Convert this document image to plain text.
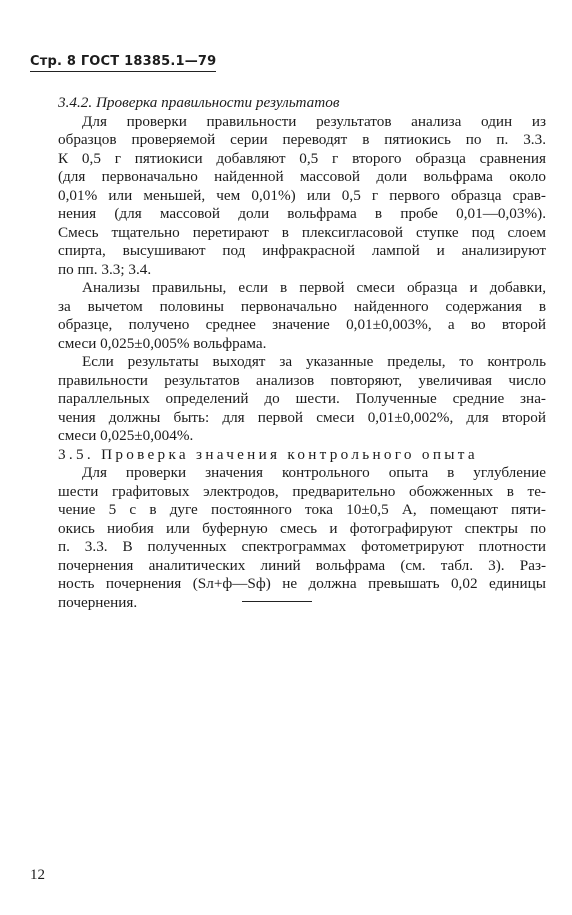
Стр. 8 ГОСТ 18385.1—79
3.4.2. Проверка правильности результатов
Для проверки правильности результатов анализа один из
образцов проверяемой серии переводят в пятиокись по п. 3.3.
К 0,5 г пятиокиси добавляют 0,5 г второго образца сравнения
(для первоначально найденной массовой доли вольфрама около
0,01% или меньшей, чем 0,01%) или 0,5 г первого образца срав-
нения (для массовой доли вольфрама в пробе 0,01—0,03%).
Смесь тщательно перетирают в плексигласовой ступке под слоем
спирта, высушивают под инфракрасной лампой и анализируют
по пп. 3.3; 3.4.
Анализы правильны, если в первой смеси образца и добавки,
за вычетом половины первоначально найденного содержания в
образце, получено среднее значение 0,01±0,003%, а во второй
смеси 0,025±0,005% вольфрама.
Если результаты выходят за указанные пределы, то контроль
правильности результатов анализов повторяют, увеличивая число
параллельных определений до шести. Полученные средние зна-
чения должны быть: для первой смеси 0,01±0,002%, для второй
смеси 0,025±0,004%.
3.5. Проверка значения контрольного опыта
Для проверки значения контрольного опыта в углубление
шести графитовых электродов, предварительно обожженных в те-
чение 5 с в дуге постоянного тока 10±0,5 А, помещают пяти-
окись ниобия или буферную смесь и фотографируют спектры по
п. 3.3. В полученных спектрограммах фотометрируют плотности
почернения аналитических линий вольфрама (см. табл. 3). Раз-
ность почернения (Sл+ф—Sф) не должна превышать 0,02 единицы
почернения.
12
